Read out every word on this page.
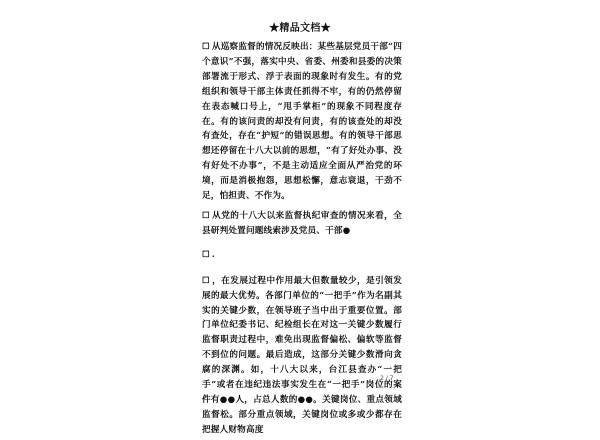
★精品文档★

☐ 从巡察监督的情况反映出：某些基层党员干部“四个意识”不强，落实中央、省委、州委和县委的决策部署流于形式、浮于表面的现象时有发生。有的党组织和领导干部主体责任抓得不牢，有的仍然停留在表态喊口号上，“甩手掌柜”的现象不同程度存在。有的该问责的却没有问责，有的该查处的却没有查处，存在“护短”的错误思想。有的领导干部思想还停留在十八大以前的思想，“有了好处办事、没有好处不办事”，不是主动适应全面从严治党的环境，而是消极抱怨，思想松懈，意志衰退，干劲不足，怕担责、不作为。

☐ 从党的十八大以来监督执纪审查的情况来看，全县研判处置问题线索涉及党员、干部●

☐ .

☐ ，在发展过程中作用最大但数量较少，是引领发展的最大优势。各部门单位的“一把手”作为名副其实的关键少数，在领导班子当中出于重要位置。部门单位纪委书记、纪检组长在对这一关键少数履行监督职责过程中，难免出现监督偏松、偏软等监督不到位的问题。最后造成，这部分关键少数滑向贪腐的深渊。如，十八大以来，台江县查办“一把手”或者在违纪违法事实发生在“一把手”岗位的案件有●●人，占总人数的●●。关键岗位、重点领域监督松。部分重点领域，关键岗位或多或少都存在把握人财物高度

2 / 7
